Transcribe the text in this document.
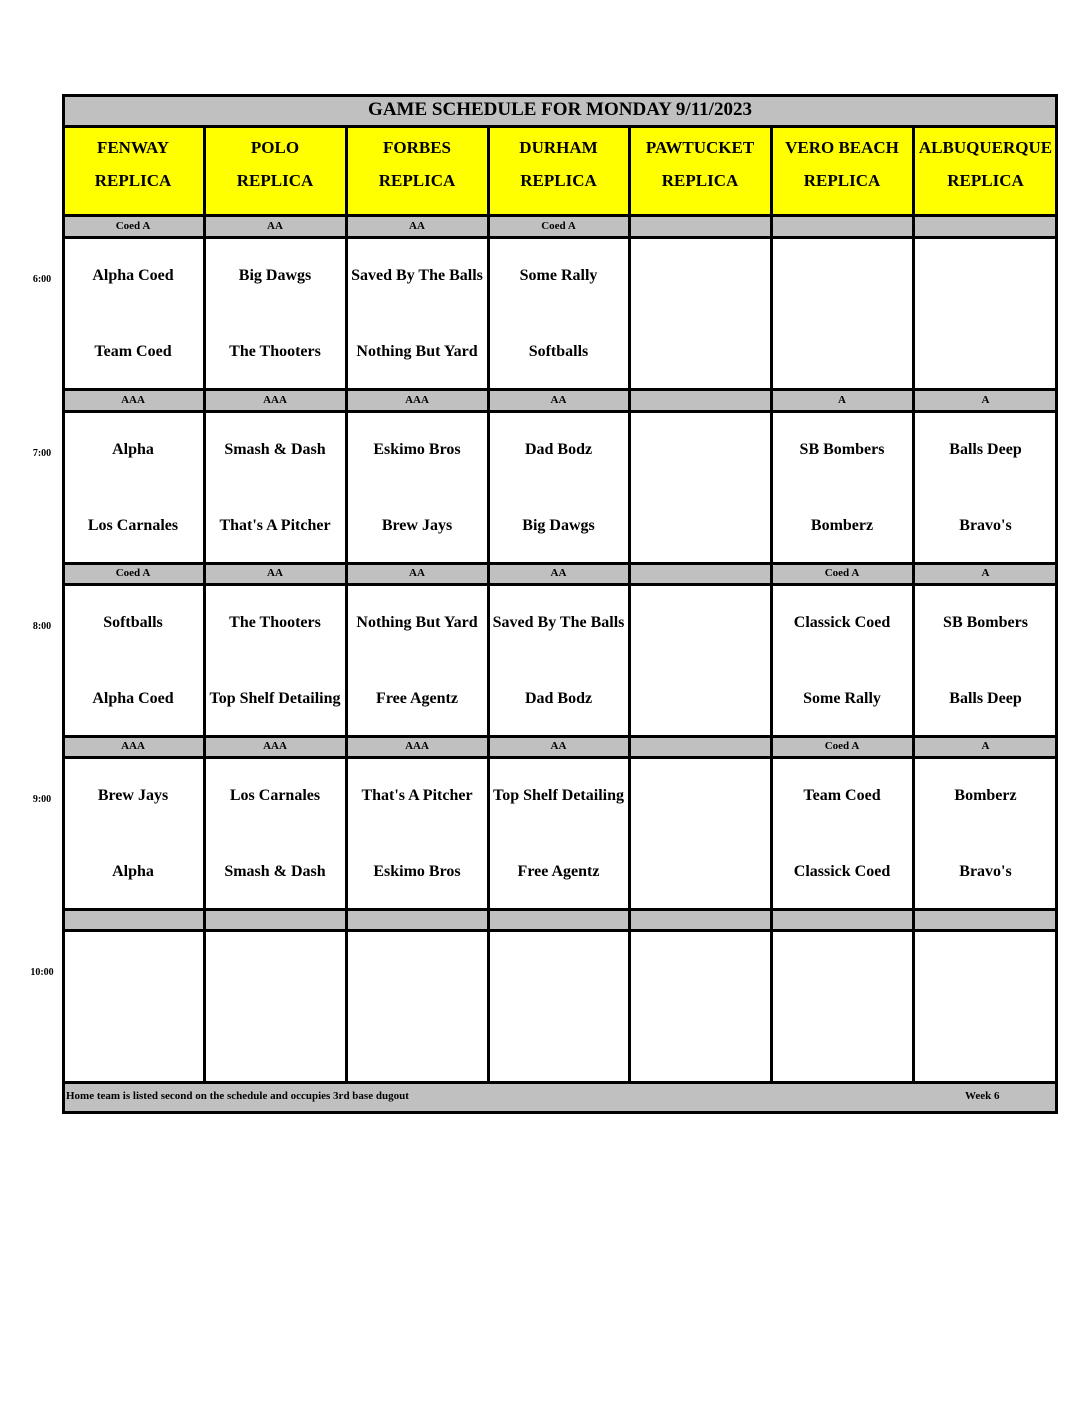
GAME SCHEDULE FOR MONDAY 9/11/2023
FENWAY
REPLICA
POLO
REPLICA
FORBES
REPLICA
DURHAM
REPLICA
PAWTUCKET
REPLICA
VERO BEACH
REPLICA
ALBUQUERQUE
REPLICA
Coed A
Alpha Coed
Team Coed
AA
Big Dawgs
The Thooters
AA
Saved By The Balls
Nothing But Yard
Coed A
Some Rally
Softballs
AAA
Alpha
Los Carnales
AAA
Smash & Dash
That's A Pitcher
AAA
Eskimo Bros
Brew Jays
AA
Dad Bodz
Big Dawgs
A
SB Bombers
Bomberz
A
Balls Deep
Bravo's
Coed A
Softballs
Alpha Coed
AA
The Thooters
Top Shelf Detailing
AA
Nothing But Yard
Free Agentz
AA
Saved By The Balls
Dad Bodz
Coed A
Classick Coed
Some Rally
A
SB Bombers
Balls Deep
AAA
Brew Jays
Alpha
AAA
Los Carnales
Smash & Dash
AAA
That's A Pitcher
Eskimo Bros
AA
Top Shelf Detailing
Free Agentz
Coed A
Team Coed
Classick Coed
A
Bomberz
Bravo's
Home team is listed second on the schedule and occupies 3rd base dugout	Week 6
6:00
7:00
8:00
9:00
10:00
